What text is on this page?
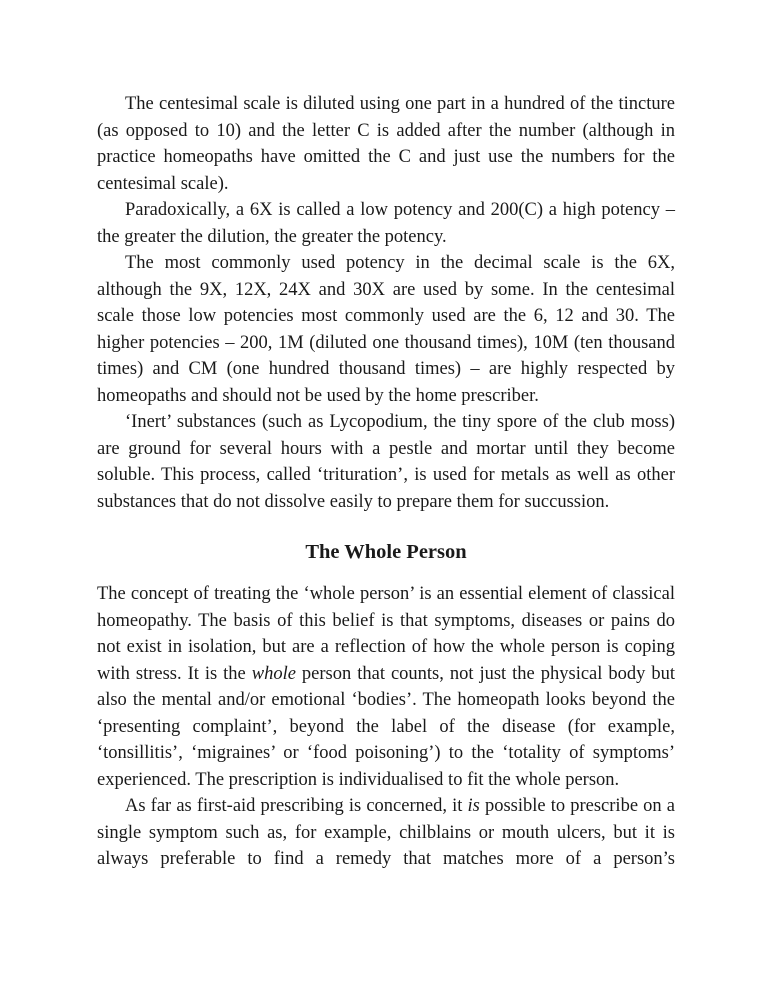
The centesimal scale is diluted using one part in a hundred of the tincture (as opposed to 10) and the letter C is added after the number (although in practice homeopaths have omitted the C and just use the numbers for the centesimal scale).

Paradoxically, a 6X is called a low potency and 200(C) a high potency – the greater the dilution, the greater the potency.

The most commonly used potency in the decimal scale is the 6X, although the 9X, 12X, 24X and 30X are used by some. In the centesimal scale those low potencies most commonly used are the 6, 12 and 30. The higher potencies – 200, 1M (diluted one thousand times), 10M (ten thousand times) and CM (one hundred thousand times) – are highly respected by homeopaths and should not be used by the home prescriber.

‘Inert’ substances (such as Lycopodium, the tiny spore of the club moss) are ground for several hours with a pestle and mortar until they become soluble. This process, called ‘trituration’, is used for metals as well as other substances that do not dissolve easily to prepare them for succussion.

The Whole Person

The concept of treating the ‘whole person’ is an essential element of classical homeopathy. The basis of this belief is that symptoms, diseases or pains do not exist in isolation, but are a reflection of how the whole person is coping with stress. It is the whole person that counts, not just the physical body but also the mental and/or emotional ‘bodies’. The homeopath looks beyond the ‘presenting complaint’, beyond the label of the disease (for example, ‘tonsillitis’, ‘migraines’ or ‘food poisoning’) to the ‘totality of symptoms’ experienced. The prescription is individualised to fit the whole person.

As far as first-aid prescribing is concerned, it is possible to prescribe on a single symptom such as, for example, chilblains or mouth ulcers, but it is always preferable to find a remedy that matches more of a person’s
